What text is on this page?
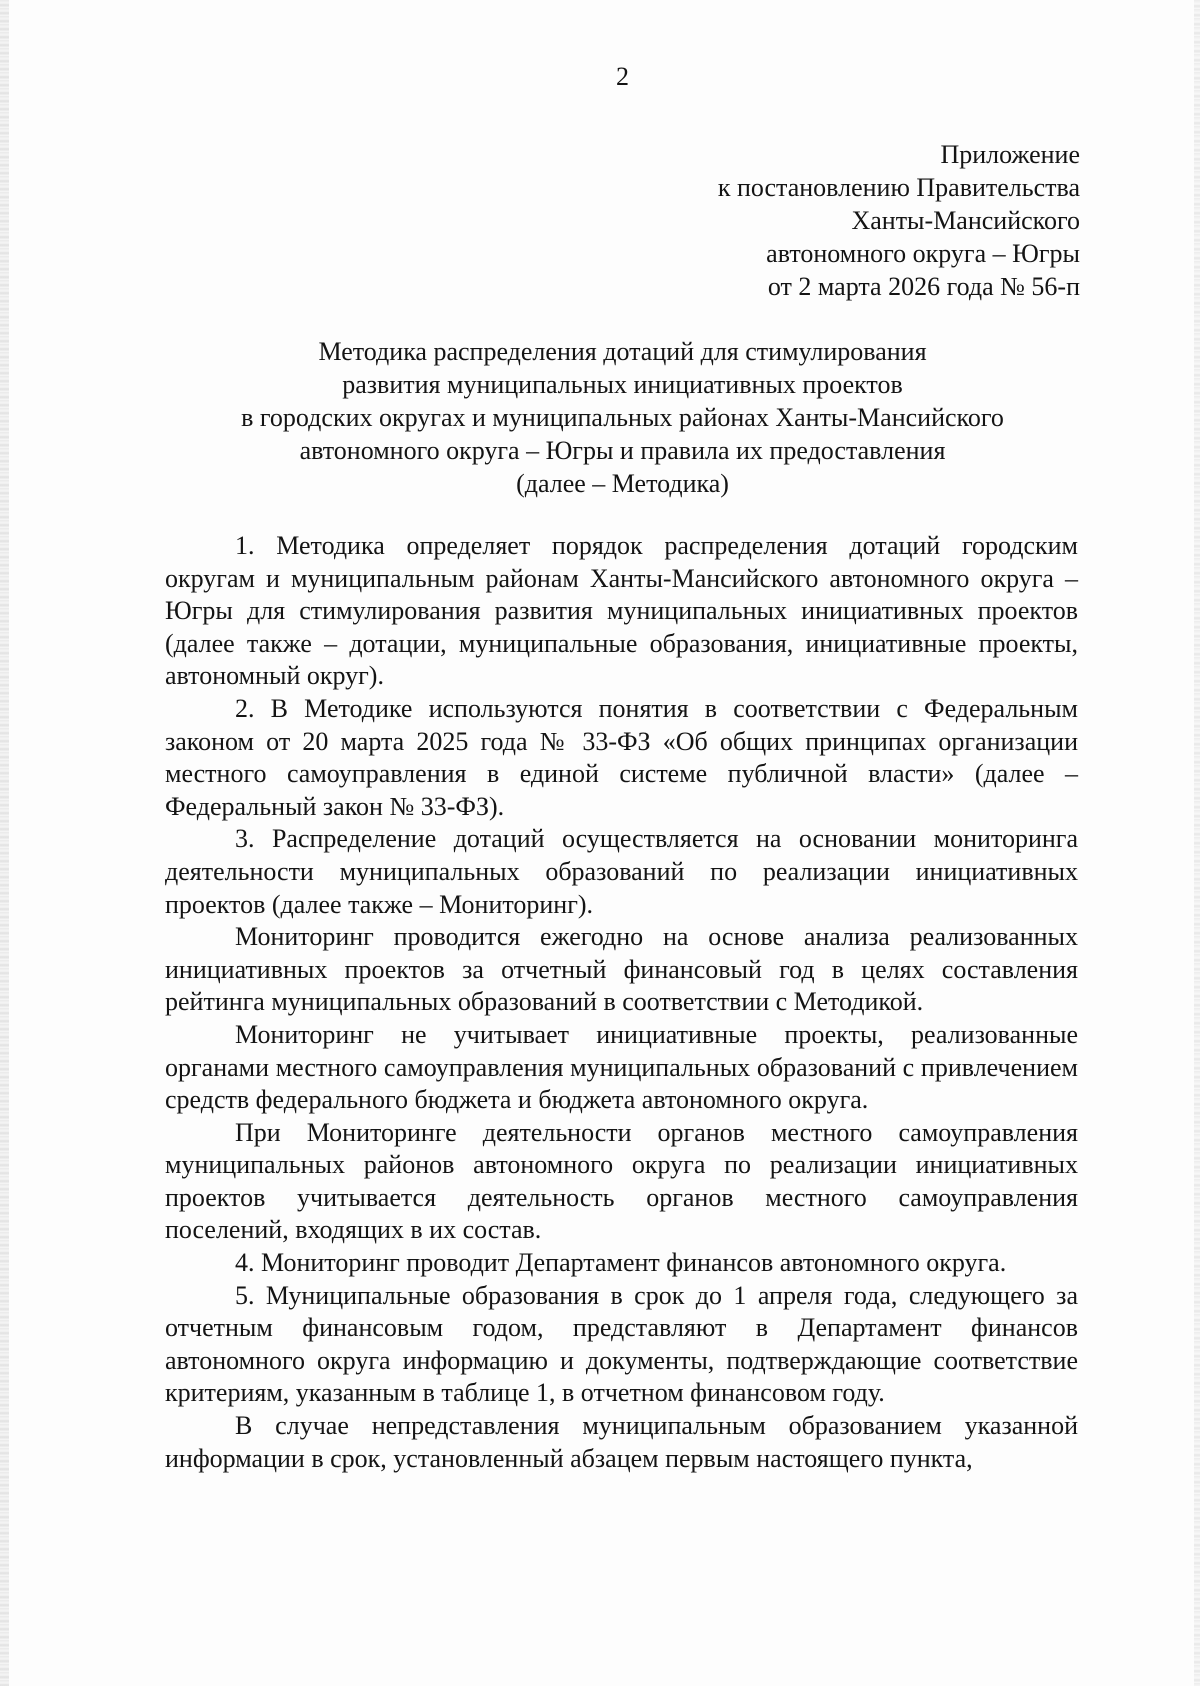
2
Приложение
к постановлению Правительства
Ханты-Мансийского
автономного округа – Югры
от 2 марта 2026 года № 56-п
Методика распределения дотаций для стимулирования
развития муниципальных инициативных проектов
в городских округах и муниципальных районах Ханты-Мансийского
автономного округа – Югры и правила их предоставления
(далее – Методика)

1. Методика определяет порядок распределения дотаций городским округам и муниципальным районам Ханты-Мансийского автономного округа – Югры для стимулирования развития муниципальных инициативных проектов (далее также – дотации, муниципальные образования, инициативные проекты, автономный округ).

2. В Методике используются понятия в соответствии с Федеральным законом от 20 марта 2025 года № 33-ФЗ «Об общих принципах организации местного самоуправления в единой системе публичной власти» (далее – Федеральный закон № 33-ФЗ).

3. Распределение дотаций осуществляется на основании мониторинга деятельности муниципальных образований по реализации инициативных проектов (далее также – Мониторинг).

Мониторинг проводится ежегодно на основе анализа реализованных инициативных проектов за отчетный финансовый год в целях составления рейтинга муниципальных образований в соответствии с Методикой.

Мониторинг не учитывает инициативные проекты, реализованные органами местного самоуправления муниципальных образований с привлечением средств федерального бюджета и бюджета автономного округа.

При Мониторинге деятельности органов местного самоуправления муниципальных районов автономного округа по реализации инициативных проектов учитывается деятельность органов местного самоуправления поселений, входящих в их состав.

4. Мониторинг проводит Департамент финансов автономного округа.

5. Муниципальные образования в срок до 1 апреля года, следующего за отчетным финансовым годом, представляют в Департамент финансов автономного округа информацию и документы, подтверждающие соответствие критериям, указанным в таблице 1, в отчетном финансовом году.

В случае непредставления муниципальным образованием указанной информации в срок, установленный абзацем первым настоящего пункта,
